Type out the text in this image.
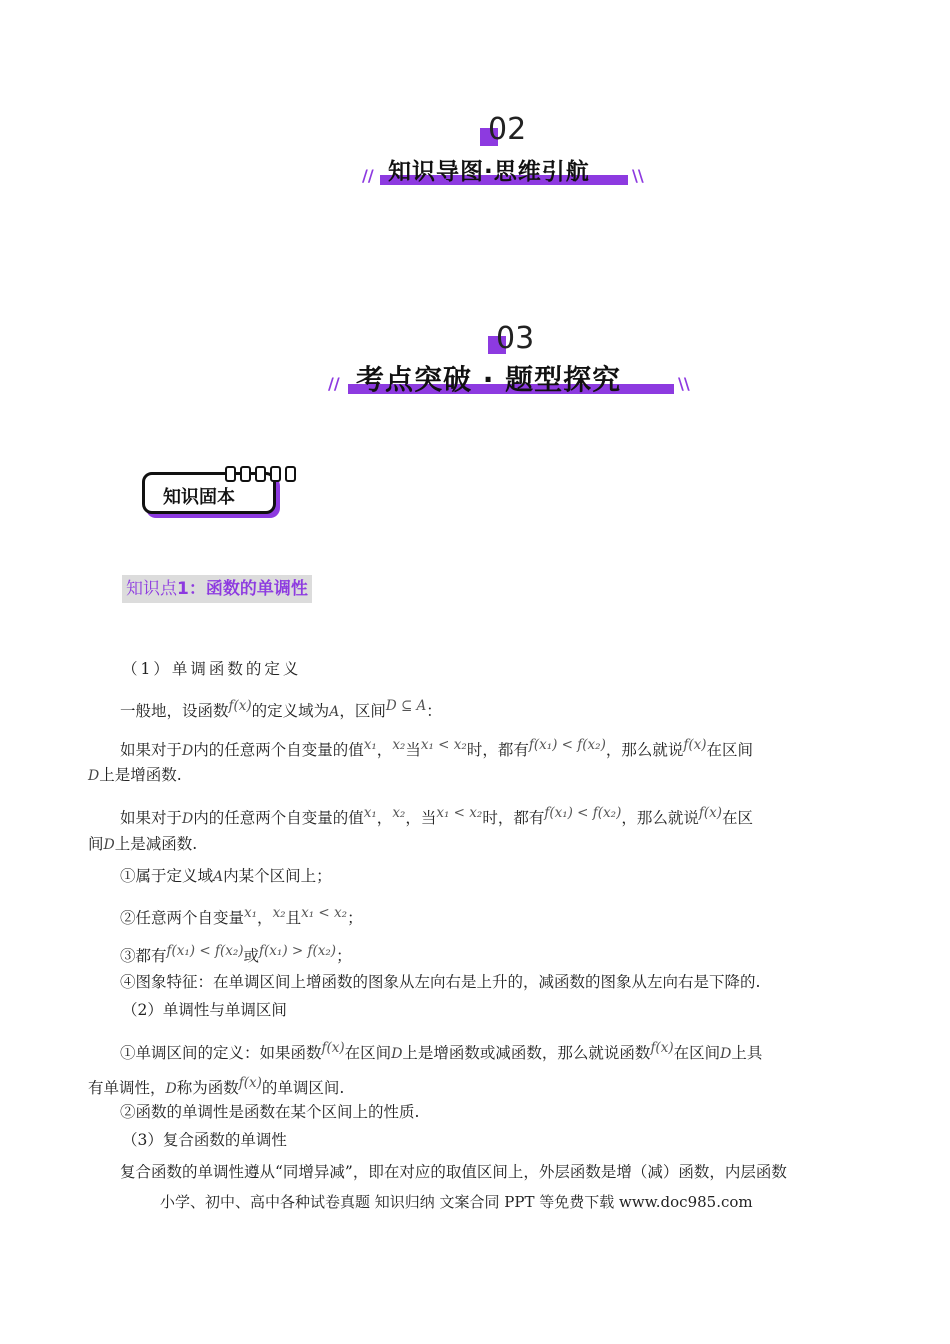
02
//	\\
知识导图·思维引航
03
//	\\
考点突破 · 题型探究
知识固本
知识点1：函数的单调性
（1）单调函数的定义
一般地，设函数f(x)的定义域为A，区间D ⊆ A：
如果对于D内的任意两个自变量的值x₁，x₂当x₁ < x₂时，都有f(x₁) < f(x₂)，那么就说f(x)在区间
D上是增函数.
如果对于D内的任意两个自变量的值x₁，x₂，当x₁ < x₂时，都有f(x₁) < f(x₂)，那么就说f(x)在区
间D上是减函数.
①属于定义域A内某个区间上；
②任意两个自变量x₁，x₂且x₁ < x₂；
③都有f(x₁) < f(x₂)或f(x₁) > f(x₂)；
④图象特征：在单调区间上增函数的图象从左向右是上升的，减函数的图象从左向右是下降的.
（2）单调性与单调区间
①单调区间的定义：如果函数f(x)在区间D上是增函数或减函数，那么就说函数f(x)在区间D上具
有单调性，D称为函数f(x)的单调区间.
②函数的单调性是函数在某个区间上的性质.
（3）复合函数的单调性
复合函数的单调性遵从“同增异减”，即在对应的取值区间上，外层函数是增（减）函数，内层函数
小学、初中、高中各种试卷真题 知识归纳 文案合同 PPT 等免费下载 www.doc985.com
